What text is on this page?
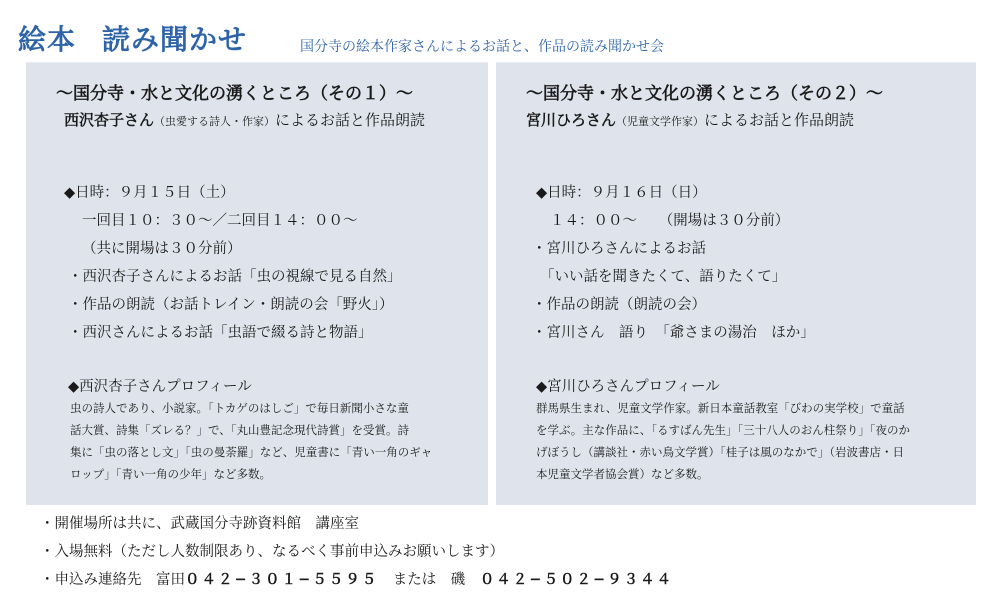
絵本 読み聞かせ	国分寺の絵本作家さんによるお話と、作品の読み聞かせ会
〜国分寺・水と文化の湧くところ（その１）〜
西沢杏子さん（虫愛する詩人・作家）によるお話と作品朗読
◆日時：９月１５日（土）
一回目１０：３０〜／二回目１４：００〜
（共に開場は３０分前）
・西沢杏子さんによるお話「虫の視線で見る自然」
・作品の朗読（お話トレイン・朗読の会「野火」）
・西沢さんによるお話「虫語で綴る詩と物語」
◆西沢杏子さんプロフィール
虫の詩人であり、小説家。「トカゲのはしご」で毎日新聞小さな童
話大賞、詩集「ズレる？」で、「丸山豊記念現代詩賞」を受賞。詩
集に「虫の落とし文」「虫の曼荼羅」など、児童書に「青い一角のギャ
ロップ」「青い一角の少年」など多数。
〜国分寺・水と文化の湧くところ（その２）〜
宮川ひろさん（児童文学作家）によるお話と作品朗読
◆日時：９月１６日（日）
１４：００〜　　（開場は３０分前）
・宮川ひろさんによるお話
「いい話を聞きたくて、語りたくて」
・作品の朗読（朗読の会）
・宮川さん　語り　「爺さまの湯治　ほか」
◆宮川ひろさんプロフィール
群馬県生まれ、児童文学作家。新日本童話教室「びわの実学校」で童話
を学ぶ。主な作品に、「るすばん先生」「三十八人のおん柱祭り」「夜のか
げぼうし（講談社・赤い鳥文学賞）「桂子は風のなかで」（岩波書店・日
本児童文学者協会賞）など多数。
・開催場所は共に、武蔵国分寺跡資料館　講座室
・入場無料（ただし人数制限あり、なるべく事前申込みお願いします）
・申込み連絡先　富田０４２−３０１−５５９５　または　磯　０４２−５０２−９３４４
